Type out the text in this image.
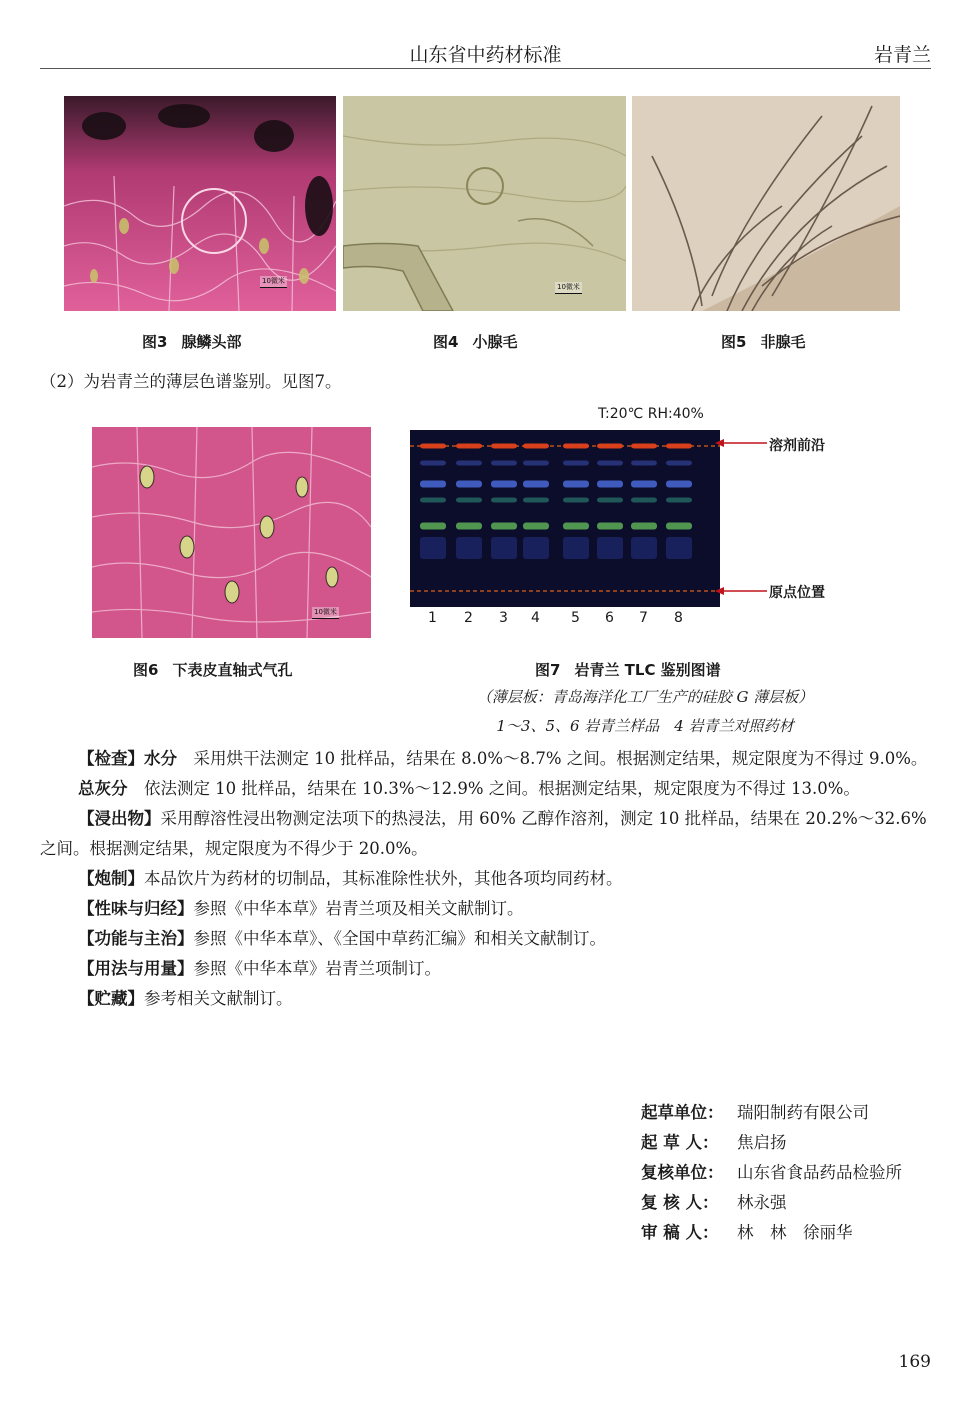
山东省中药材标准	岩青兰
10微米
10微米
图3 腺鳞头部	图4 小腺毛	图5 非腺毛
（2）为岩青兰的薄层色谱鉴别。见图7。
10微米
T:20℃ RH:40%
溶剂前沿
原点位置
1 2 3 4 5 6 7 8
图6 下表皮直轴式气孔	图7 岩青兰 TLC 鉴别图谱
（薄层板：青岛海洋化工厂生产的硅胶 G 薄层板）
1～3、5、6 岩青兰样品　4 岩青兰对照药材

【检查】水分　 采用烘干法测定 10 批样品，结果在 8.0%～8.7% 之间。根据测定结果，规定限度为不得过 9.0%。

总灰分　 依法测定 10 批样品，结果在 10.3%～12.9% 之间。根据测定结果，规定限度为不得过 13.0%。

【浸出物】采用醇溶性浸出物测定法项下的热浸法，用 60% 乙醇作溶剂，测定 10 批样品，结果在 20.2%～32.6% 之间。根据测定结果，规定限度为不得少于 20.0%。

【炮制】本品饮片为药材的切制品，其标准除性状外，其他各项均同药材。

【性味与归经】参照《中华本草》岩青兰项及相关文献制订。

【功能与主治】参照《中华本草》、《全国中草药汇编》和相关文献制订。

【用法与用量】参照《中华本草》岩青兰项制订。

【贮藏】参考相关文献制订。

起草单位： 瑞阳制药有限公司
起 草 人： 焦启扬
复核单位： 山东省食品药品检验所
复 核 人： 林永强
审 稿 人： 林　林　徐丽华
169
